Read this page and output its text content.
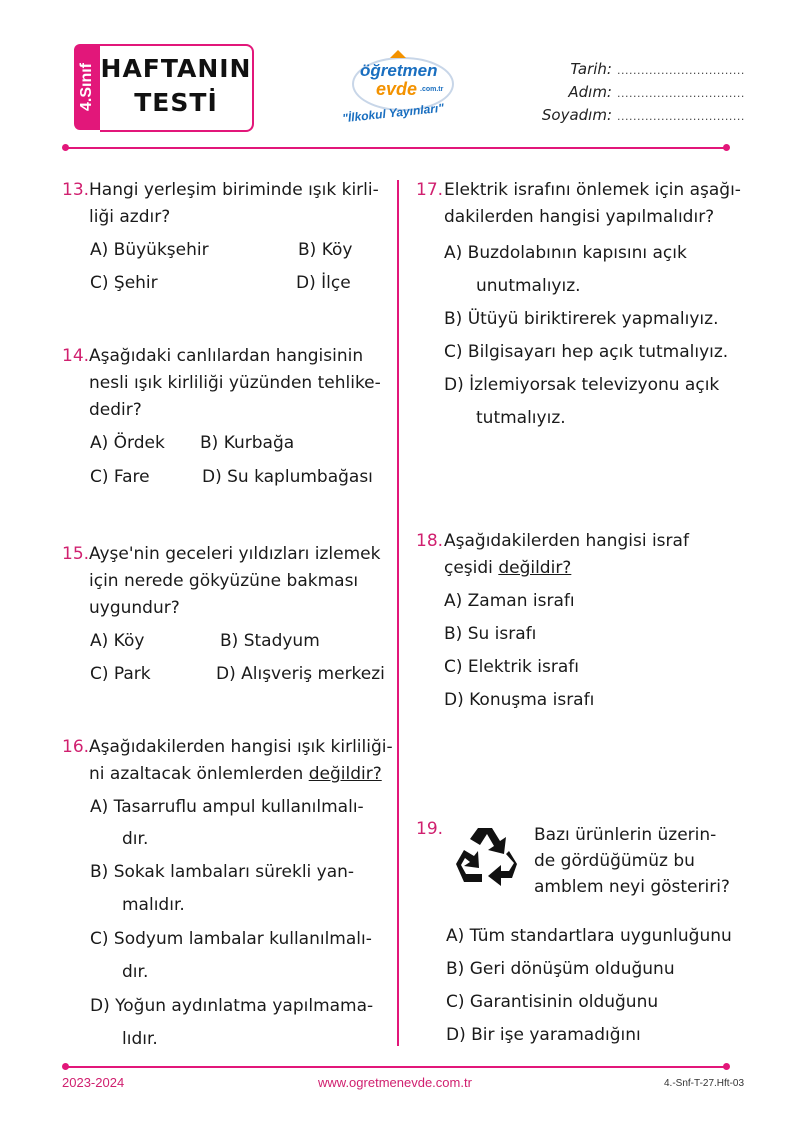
4.Sınıf HAFTANIN
TESTİ
öğretmen
evde .com.tr
"İlkokul Yayınları"
Tarih: ................................
Adım: ................................
Soyadım: ................................
13. Hangi yerleşim biriminde ışık kirli-
liği azdır?
A) Büyükşehir	B) Köy
C) Şehir	D) İlçe
14. Aşağıdaki canlılardan hangisinin
nesli ışık kirliliği yüzünden tehlike-
dedir?
A) Ördek B) Kurbağa
C) Fare	D) Su kaplumbağası
15. Ayşe'nin geceleri yıldızları izlemek
için nerede gökyüzüne bakması
uygundur?
A) Köy	B) Stadyum
C) Park	D) Alışveriş merkezi
16. Aşağıdakilerden hangisi ışık kirliliği-
ni azaltacak önlemlerden değildir?
A) Tasarruflu ampul kullanılmalı-
dır.
B) Sokak lambaları sürekli yan-
malıdır.
C) Sodyum lambalar kullanılmalı-
dır.
D) Yoğun aydınlatma yapılmama-
lıdır.
17. Elektrik israfını önlemek için aşağı-
dakilerden hangisi yapılmalıdır?
A) Buzdolabının kapısını açık
unutmalıyız.
B) Ütüyü biriktirerek yapmalıyız.
C) Bilgisayarı hep açık tutmalıyız.
D) İzlemiyorsak televizyonu açık
tutmalıyız.
18. Aşağıdakilerden hangisi israf
çeşidi değildir?
A) Zaman israfı
B) Su israfı
C) Elektrik israfı
D) Konuşma israfı
19.	Bazı ürünlerin üzerin-
de gördüğümüz bu
amblem neyi gösteriri?
A) Tüm standartlara uygunluğunu
B) Geri dönüşüm olduğunu
C) Garantisinin olduğunu
D) Bir işe yaramadığını
2023-2024	www.ogretmenevde.com.tr	4.-Snf-T-27.Hft-03
